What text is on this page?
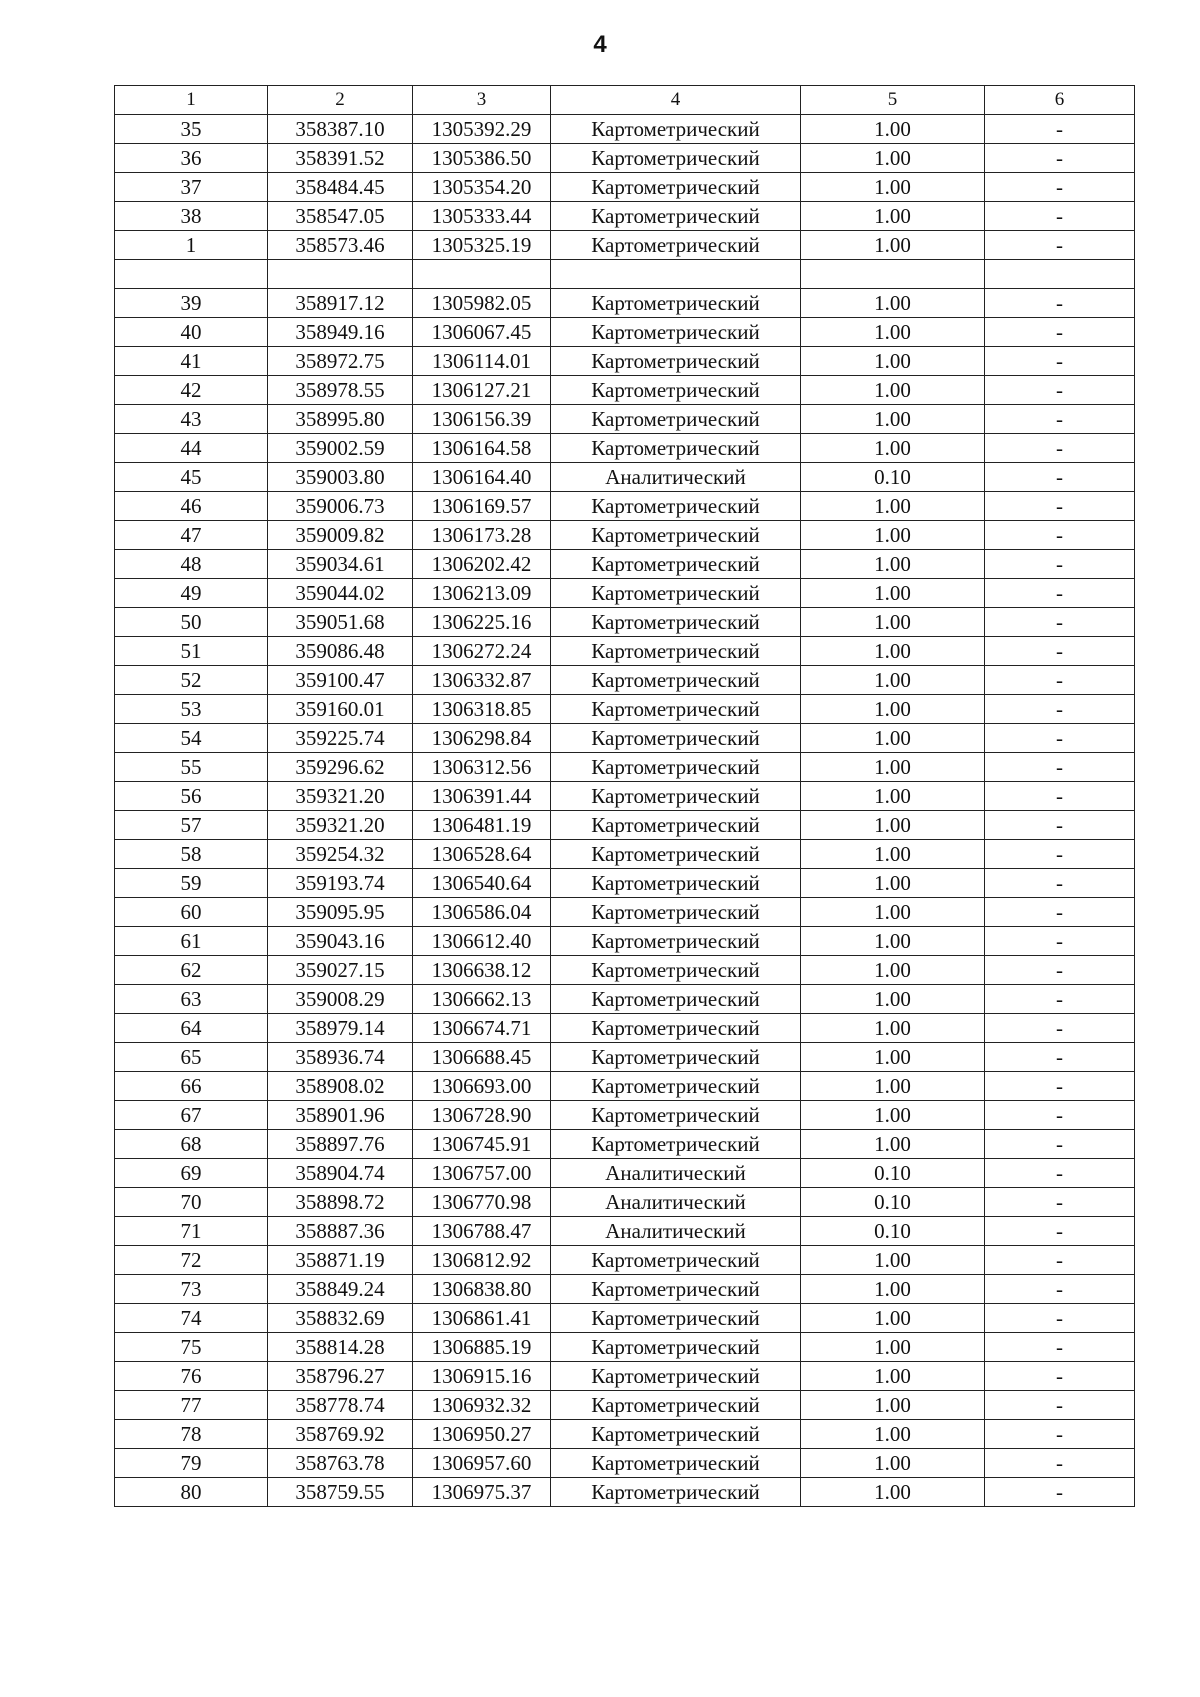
4
1	2	3	4	5	6
35	358387.10	1305392.29	Картометрический	1.00	-
36	358391.52	1305386.50	Картометрический	1.00	-
37	358484.45	1305354.20	Картометрический	1.00	-
38	358547.05	1305333.44	Картометрический	1.00	-
1	358573.46	1305325.19	Картометрический	1.00	-

39	358917.12	1305982.05	Картометрический	1.00	-
40	358949.16	1306067.45	Картометрический	1.00	-
41	358972.75	1306114.01	Картометрический	1.00	-
42	358978.55	1306127.21	Картометрический	1.00	-
43	358995.80	1306156.39	Картометрический	1.00	-
44	359002.59	1306164.58	Картометрический	1.00	-
45	359003.80	1306164.40	Аналитический	0.10	-
46	359006.73	1306169.57	Картометрический	1.00	-
47	359009.82	1306173.28	Картометрический	1.00	-
48	359034.61	1306202.42	Картометрический	1.00	-
49	359044.02	1306213.09	Картометрический	1.00	-
50	359051.68	1306225.16	Картометрический	1.00	-
51	359086.48	1306272.24	Картометрический	1.00	-
52	359100.47	1306332.87	Картометрический	1.00	-
53	359160.01	1306318.85	Картометрический	1.00	-
54	359225.74	1306298.84	Картометрический	1.00	-
55	359296.62	1306312.56	Картометрический	1.00	-
56	359321.20	1306391.44	Картометрический	1.00	-
57	359321.20	1306481.19	Картометрический	1.00	-
58	359254.32	1306528.64	Картометрический	1.00	-
59	359193.74	1306540.64	Картометрический	1.00	-
60	359095.95	1306586.04	Картометрический	1.00	-
61	359043.16	1306612.40	Картометрический	1.00	-
62	359027.15	1306638.12	Картометрический	1.00	-
63	359008.29	1306662.13	Картометрический	1.00	-
64	358979.14	1306674.71	Картометрический	1.00	-
65	358936.74	1306688.45	Картометрический	1.00	-
66	358908.02	1306693.00	Картометрический	1.00	-
67	358901.96	1306728.90	Картометрический	1.00	-
68	358897.76	1306745.91	Картометрический	1.00	-
69	358904.74	1306757.00	Аналитический	0.10	-
70	358898.72	1306770.98	Аналитический	0.10	-
71	358887.36	1306788.47	Аналитический	0.10	-
72	358871.19	1306812.92	Картометрический	1.00	-
73	358849.24	1306838.80	Картометрический	1.00	-
74	358832.69	1306861.41	Картометрический	1.00	-
75	358814.28	1306885.19	Картометрический	1.00	-
76	358796.27	1306915.16	Картометрический	1.00	-
77	358778.74	1306932.32	Картометрический	1.00	-
78	358769.92	1306950.27	Картометрический	1.00	-
79	358763.78	1306957.60	Картометрический	1.00	-
80	358759.55	1306975.37	Картометрический	1.00	-
